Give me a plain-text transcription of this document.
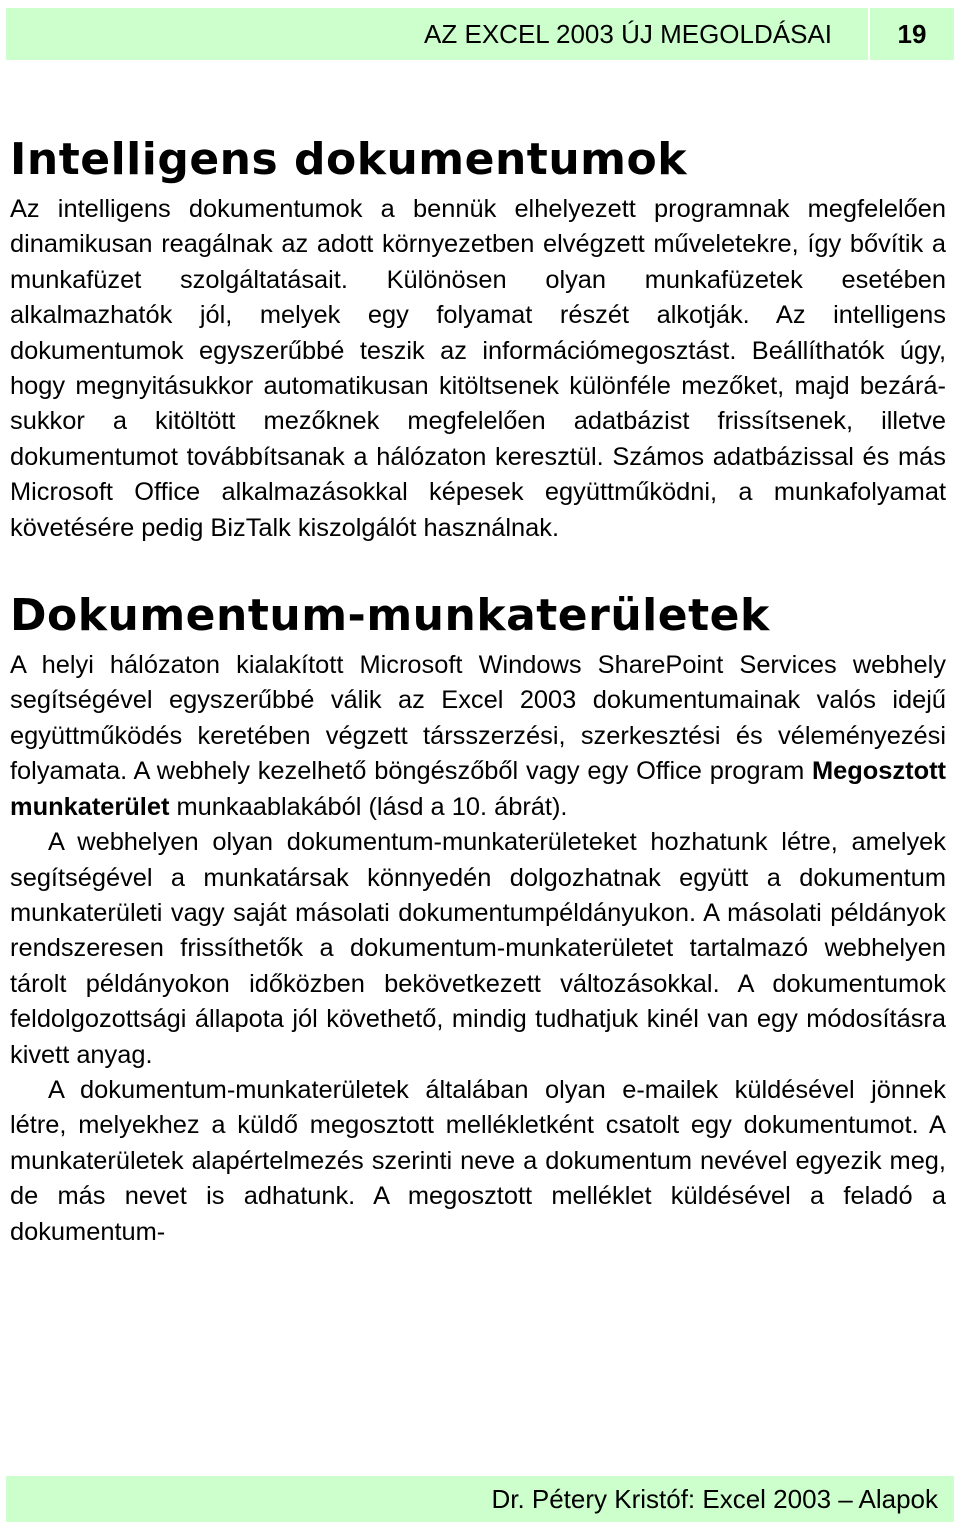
AZ EXCEL 2003 ÚJ MEGOLDÁSAI	19
Intelligens dokumentumok

Az intelligens dokumentumok a bennük elhelyezett programnak megfelelően dinamikusan reagálnak az adott környezetben elvégzett műveletekre, így bővítik a munkafüzet szolgáltatásait. Különösen olyan munkafüzetek esetében alkalmazhatók jól, melyek egy folyamat részét alkotják. Az intelligens dokumentumok egyszerűbbé teszik az információmegosztást. Beállíthatók úgy, hogy megnyitásukkor automatikusan kitöltsenek különféle mezőket, majd bezárásukkor a kitöltött mezőknek megfelelően adatbázist frissítsenek, illetve dokumentumot továbbítsanak a hálózaton keresztül. Számos adatbázissal és más Microsoft Office alkalmazásokkal képesek együttműködni, a munkafolyamat követésére pedig BizTalk kiszolgálót használnak.

Dokumentum-munkaterületek

A helyi hálózaton kialakított Microsoft Windows SharePoint Services webhely segítségével egyszerűbbé válik az Excel 2003 dokumentumainak valós idejű együttműködés keretében végzett társszerzési, szerkesztési és véleményezési folyamata. A webhely kezelhető böngészőből vagy egy Office program Megosztott munkaterület munkaablakából (lásd a 10. ábrát).

A webhelyen olyan dokumentum-munkaterületeket hozhatunk létre, amelyek segítségével a munkatársak könnyedén dolgozhatnak együtt a dokumentum munkaterületi vagy saját másolati dokumentumpéldányukon. A másolati példányok rendszeresen frissíthetők a dokumentum-munkaterületet tartalmazó webhelyen tárolt példányokon időközben bekövetkezett változásokkal. A dokumentumok feldolgozottsági állapota jól követhető, mindig tudhatjuk kinél van egy módosításra kivett anyag.

A dokumentum-munkaterületek általában olyan e-mailek küldésével jönnek létre, melyekhez a küldő megosztott mellékletként csatolt egy dokumentumot. A munkaterületek alapértelmezés szerinti neve a dokumentum nevével egyezik meg, de más nevet is adhatunk. A megosztott melléklet küldésével a feladó a dokumentum-

Dr. Pétery Kristóf: Excel 2003 – Alapok
